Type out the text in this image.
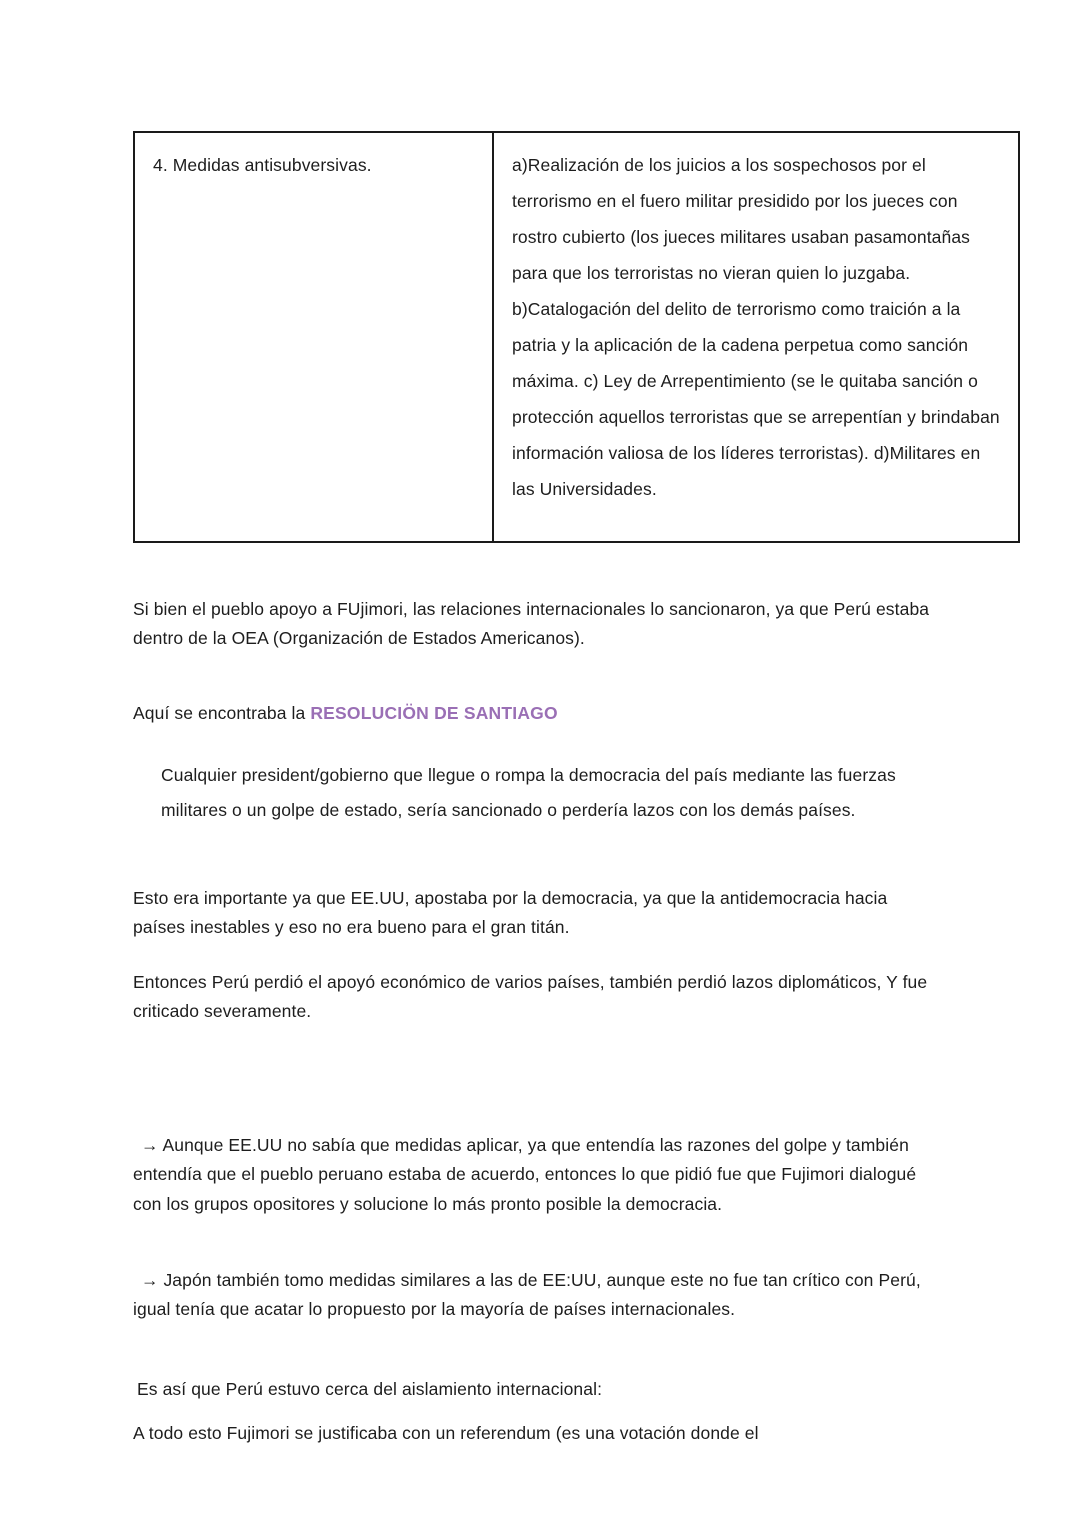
4. Medidas antisubversivas.	a)Realización de los juicios a los sospechosos por el terrorismo en el fuero militar presidido por los jueces con rostro cubierto (los jueces militares usaban pasamontañas para que los terroristas no vieran quien lo juzgaba. b)Catalogación del delito de terrorismo como traición a la patria y la aplicación de la cadena perpetua como sanción máxima. c) Ley de Arrepentimiento (se le quitaba sanción o protección aquellos terroristas que se arrepentían y brindaban información valiosa de los líderes terroristas). d)Militares en las Universidades.

Si bien el pueblo apoyo a FUjimori, las relaciones internacionales lo sancionaron, ya que Perú estaba dentro de la OEA (Organización de Estados Americanos).

Aquí se encontraba la RESOLUCIÖN DE SANTIAGO

Cualquier president/gobierno que llegue o rompa la democracia del país mediante las fuerzas militares o un golpe de estado, sería sancionado o perdería lazos con los demás países.

Esto era importante ya que EE.UU, apostaba por la democracia, ya que la antidemocracia hacia países inestables y eso no era bueno para el gran titán.

Entonces Perú perdió el apoyó económico de varios países, también perdió lazos diplomáticos, Y fue criticado severamente.

→ Aunque EE.UU no sabía que medidas aplicar, ya que entendía las razones del golpe y también entendía que el pueblo peruano estaba de acuerdo, entonces lo que pidió fue que Fujimori dialogué con los grupos opositores y solucione lo más pronto posible la democracia.

→ Japón también tomo medidas similares a las de EE:UU, aunque este no fue tan crítico con Perú, igual tenía que acatar lo propuesto por la mayoría de países internacionales.

Es así que Perú estuvo cerca del aislamiento internacional:

A todo esto Fujimori se justificaba con un referendum (es una votación donde el
